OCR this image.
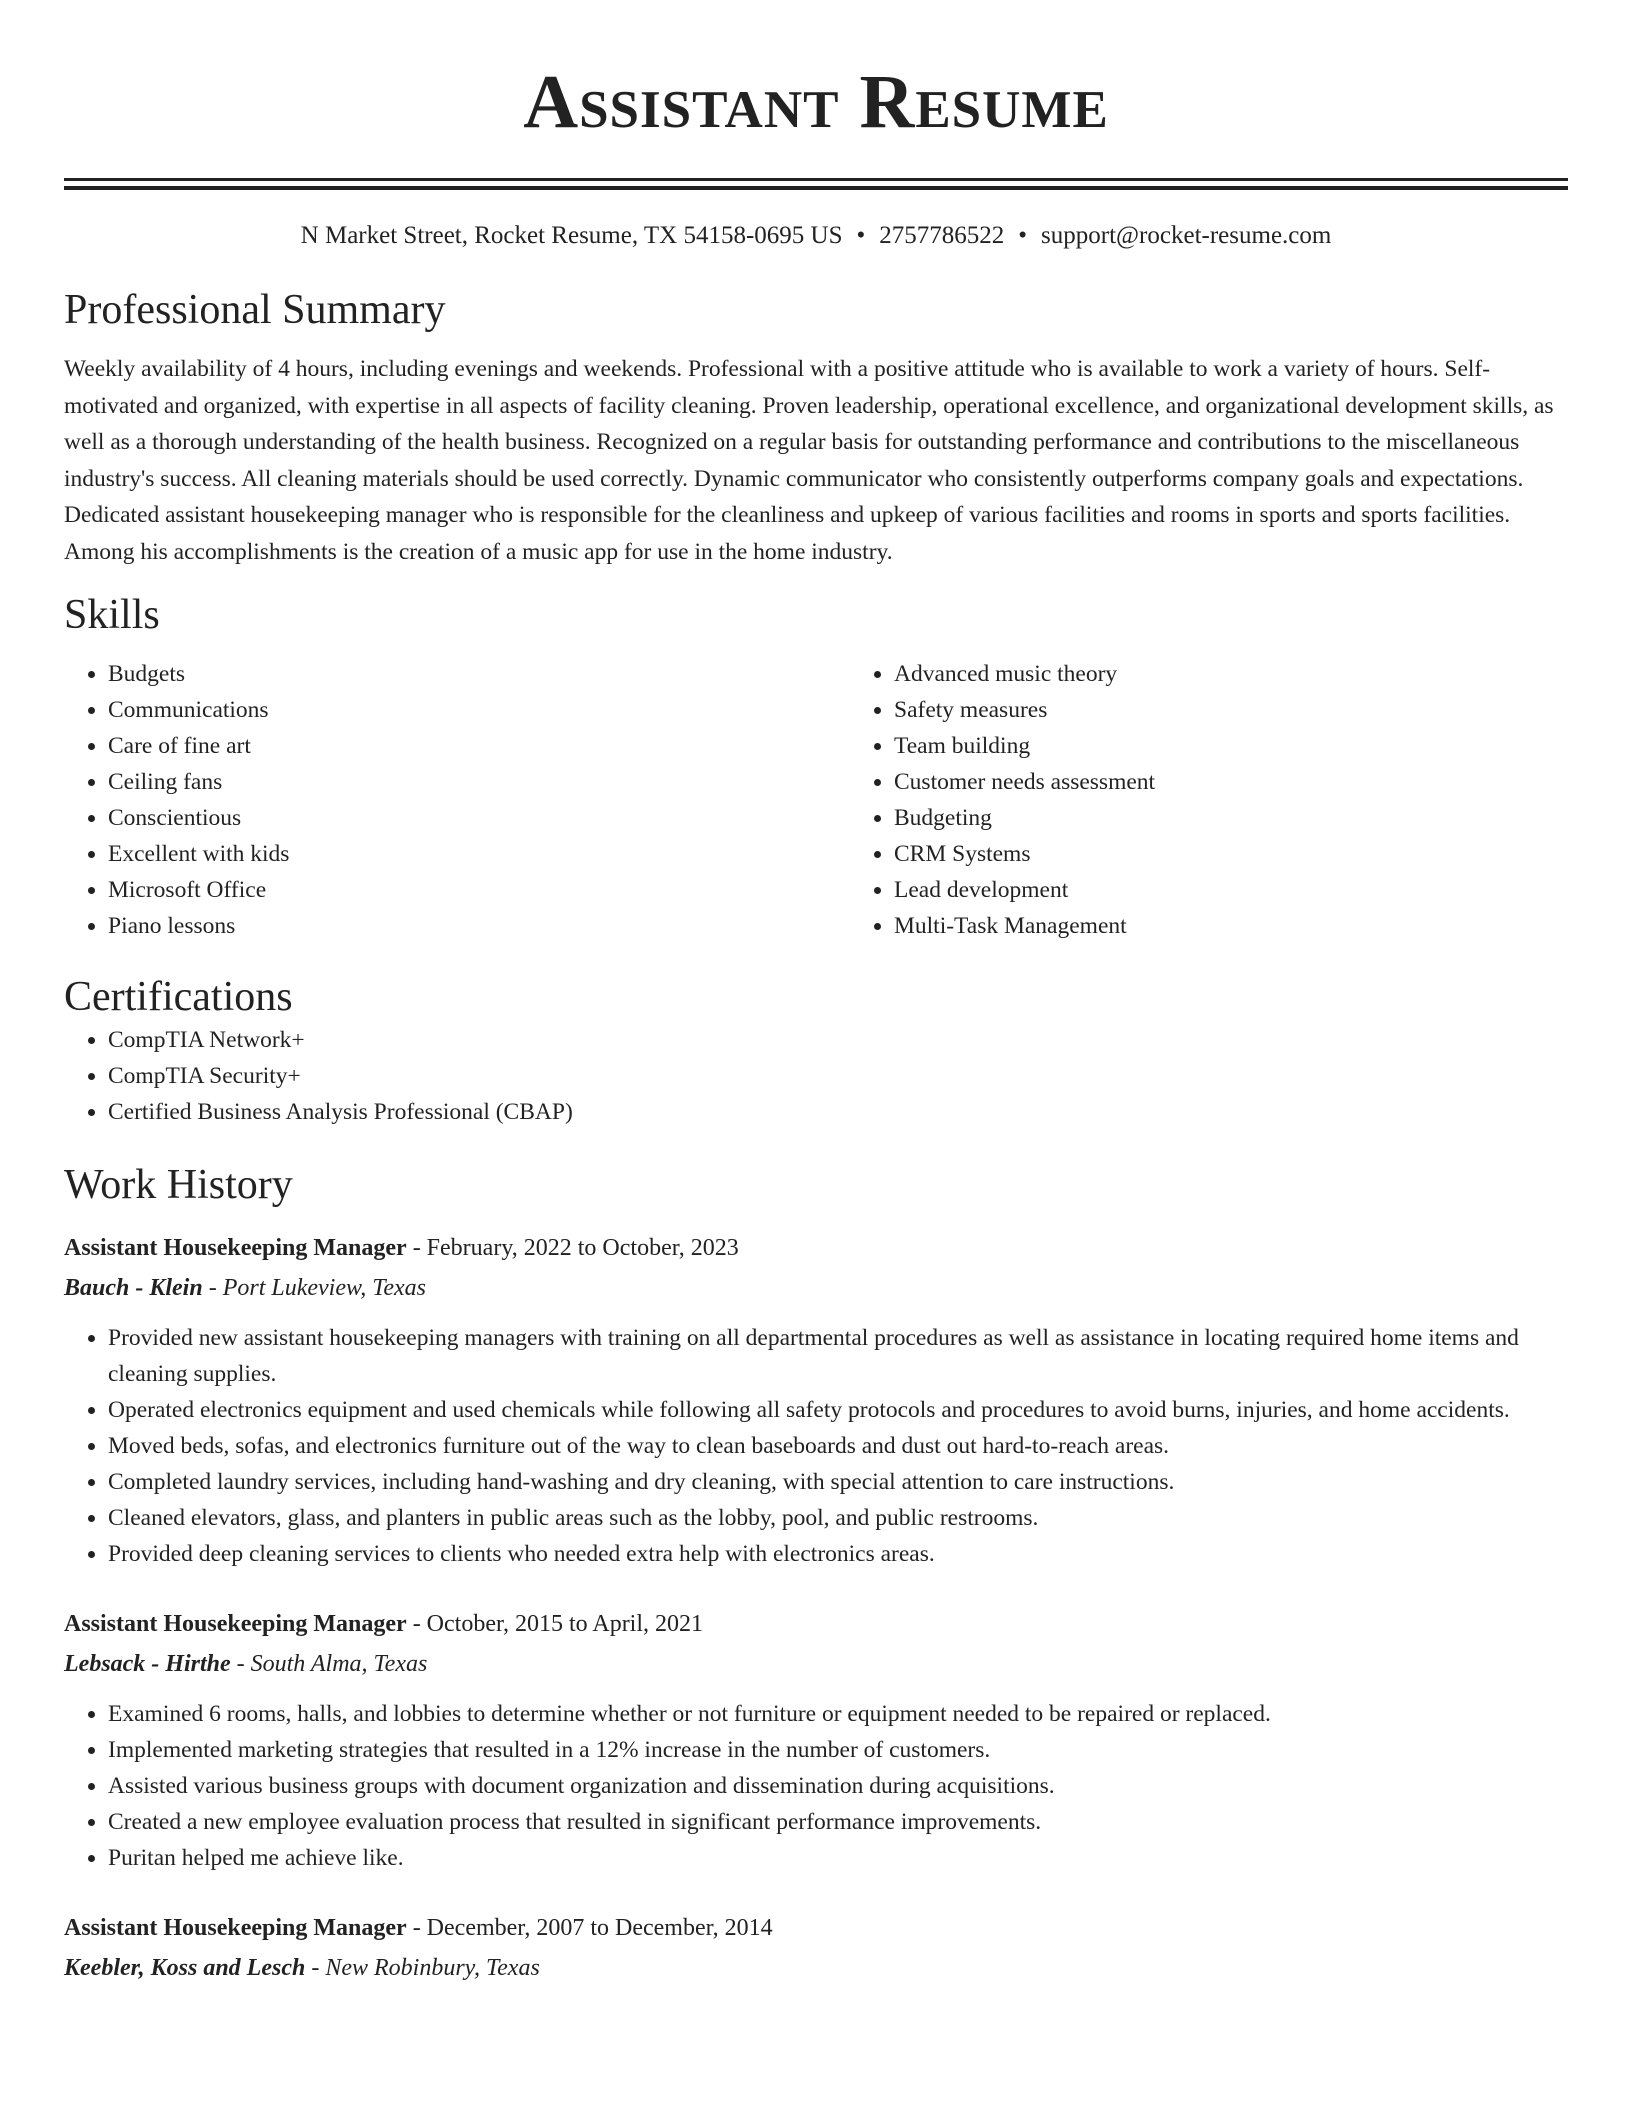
Assistant Resume
N Market Street, Rocket Resume, TX 54158-0695 US • 2757786522 • support@rocket-resume.com
Professional Summary

Weekly availability of 4 hours, including evenings and weekends. Professional with a positive attitude who is available to work a variety of hours. Self-motivated and organized, with expertise in all aspects of facility cleaning. Proven leadership, operational excellence, and organizational development skills, as well as a thorough understanding of the health business. Recognized on a regular basis for outstanding performance and contributions to the miscellaneous industry's success. All cleaning materials should be used correctly. Dynamic communicator who consistently outperforms company goals and expectations. Dedicated assistant housekeeping manager who is responsible for the cleanliness and upkeep of various facilities and rooms in sports and sports facilities. Among his accomplishments is the creation of a music app for use in the home industry.

Skills
• Budgets
• Communications
• Care of fine art
• Ceiling fans
• Conscientious
• Excellent with kids
• Microsoft Office
• Piano lessons
• Advanced music theory
• Safety measures
• Team building
• Customer needs assessment
• Budgeting
• CRM Systems
• Lead development
• Multi-Task Management
Certifications
• CompTIA Network+
• CompTIA Security+
• Certified Business Analysis Professional (CBAP)
Work History
Assistant Housekeeping Manager - February, 2022 to October, 2023
Bauch - Klein - Port Lukeview, Texas
• Provided new assistant housekeeping managers with training on all departmental procedures as well as assistance in locating required home items and cleaning supplies.
• Operated electronics equipment and used chemicals while following all safety protocols and procedures to avoid burns, injuries, and home accidents.
• Moved beds, sofas, and electronics furniture out of the way to clean baseboards and dust out hard-to-reach areas.
• Completed laundry services, including hand-washing and dry cleaning, with special attention to care instructions.
• Cleaned elevators, glass, and planters in public areas such as the lobby, pool, and public restrooms.
• Provided deep cleaning services to clients who needed extra help with electronics areas.
Assistant Housekeeping Manager - October, 2015 to April, 2021
Lebsack - Hirthe - South Alma, Texas
• Examined 6 rooms, halls, and lobbies to determine whether or not furniture or equipment needed to be repaired or replaced.
• Implemented marketing strategies that resulted in a 12% increase in the number of customers.
• Assisted various business groups with document organization and dissemination during acquisitions.
• Created a new employee evaluation process that resulted in significant performance improvements.
• Puritan helped me achieve like.
Assistant Housekeeping Manager - December, 2007 to December, 2014
Keebler, Koss and Lesch - New Robinbury, Texas
